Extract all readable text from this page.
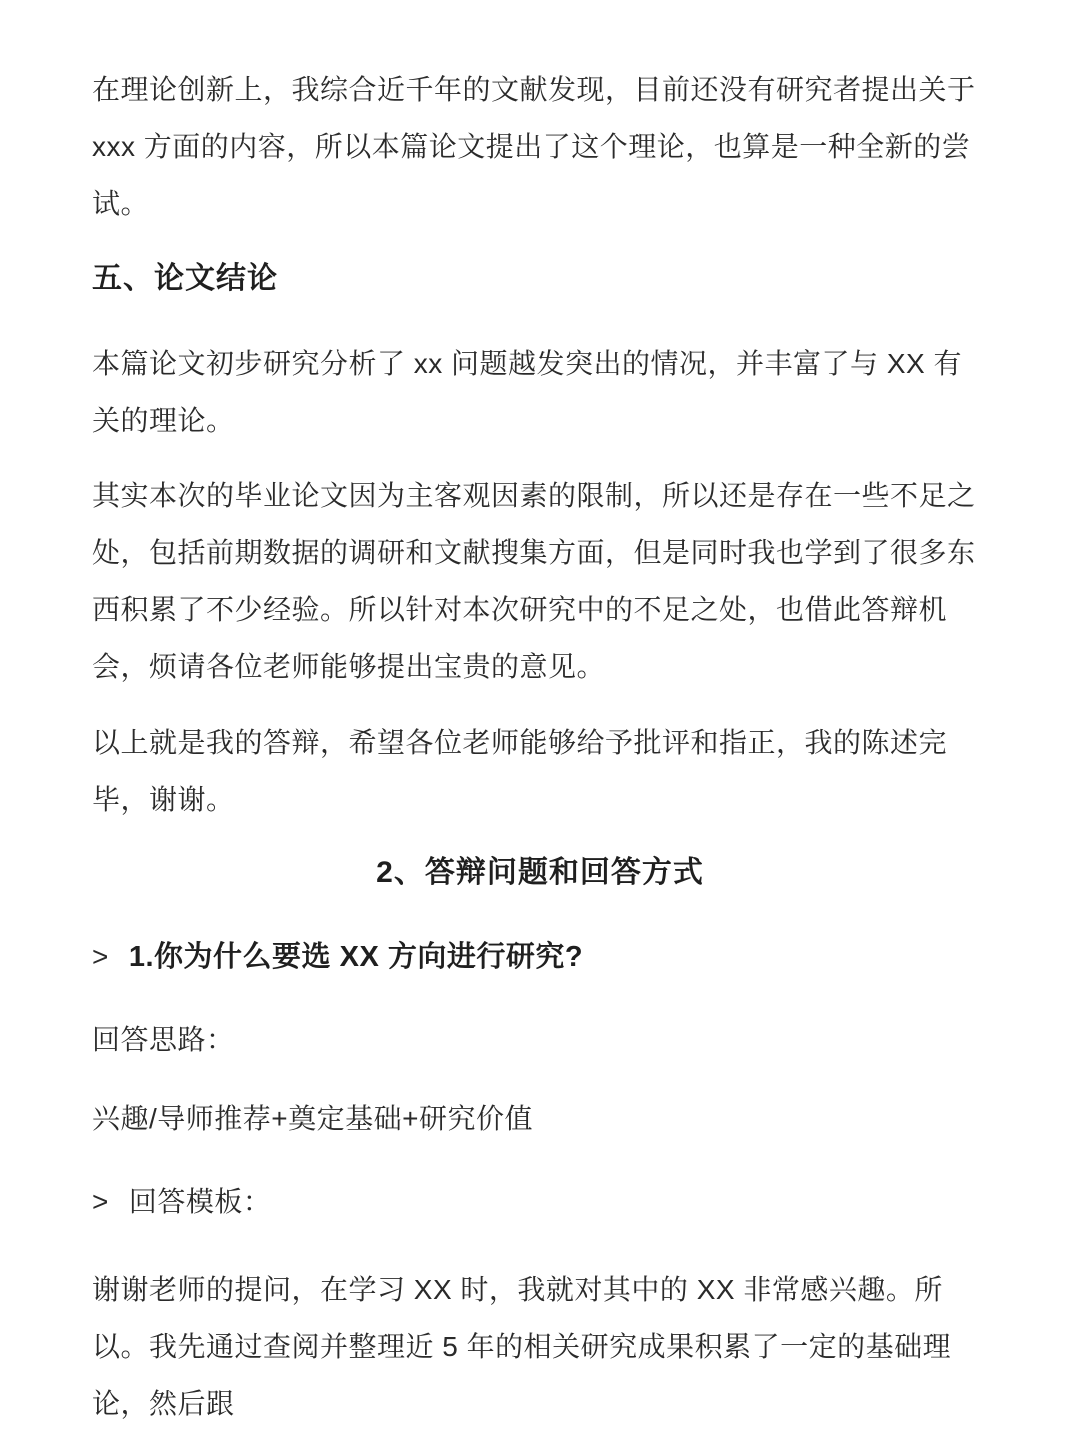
在理论创新上，我综合近千年的文献发现，目前还没有研究者提出关于 xxx 方面的内容，所以本篇论文提出了这个理论，也算是一种全新的尝试。

五、论文结论

本篇论文初步研究分析了 xx 问题越发突出的情况，并丰富了与 XX 有关的理论。

其实本次的毕业论文因为主客观因素的限制，所以还是存在一些不足之处，包括前期数据的调研和文献搜集方面，但是同时我也学到了很多东西积累了不少经验。所以针对本次研究中的不足之处，也借此答辩机会，烦请各位老师能够提出宝贵的意见。

以上就是我的答辩，希望各位老师能够给予批评和指正，我的陈述完毕，谢谢。

2、答辩问题和回答方式
> 1.你为什么要选 XX 方向进行研究?

回答思路：

兴趣/导师推荐+奠定基础+研究价值

> 回答模板：

谢谢老师的提问，在学习 XX 时，我就对其中的 XX 非常感兴趣。所以。我先通过查阅并整理近 5 年的相关研究成果积累了一定的基础理论，然后跟
